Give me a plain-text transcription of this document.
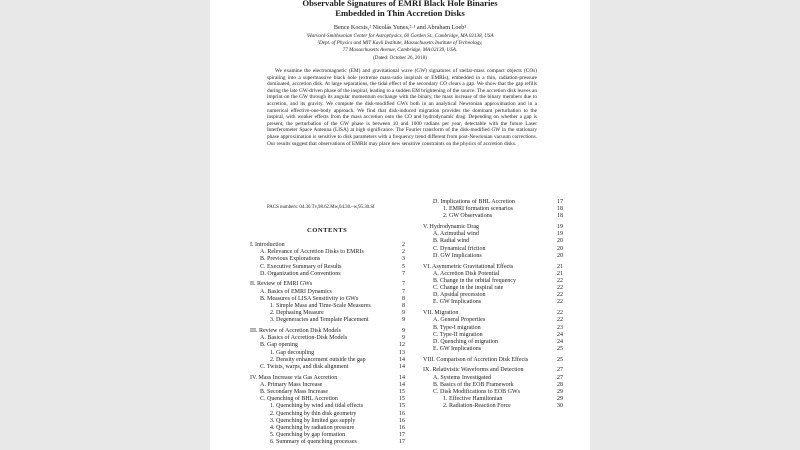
Observable Signatures of EMRI Black Hole Binaries
Embedded in Thin Accretion Disks
Bence Kocsis,¹ Nicolás Yunes,²·¹ and Abraham Loeb¹
¹Harvard-Smithsonian Center for Astrophysics, 60 Garden St., Cambridge, MA 02138, USA
²Dept. of Physics and MIT Kavli Institute, Massachusetts Institute of Technology,
77 Massachusetts Avenue, Cambridge, MA 02139, USA.
(Dated: October 26, 2018)
We examine the electromagnetic (EM) and gravitational wave (GW) signatures of stellar-mass compact objects (COs) spiraling into a supermassive black hole (extreme mass-ratio inspirals or EMRIs), embedded in a thin, radiation-pressure dominated, accretion disk. At large separations, the tidal effect of the secondary CO clears a gap. We show that the gap refills during the late GW-driven phase of the inspiral, leading to a sudden EM brightening of the source. The accretion disk leaves an imprint on the GW through its angular momentum exchange with the binary, the mass increase of the binary members due to accretion, and its gravity. We compute the disk-modified GWs both in an analytical Newtonian approximation and in a numerical effective-one-body approach. We find that disk-induced migration provides the dominant perturbation to the inspiral, with weaker effects from the mass accretion onto the CO and hydrodynamic drag. Depending on whether a gap is present, the perturbation of the GW phase is between 10 and 1000 radians per year, detectable with the future Laser Interferometer Space Antenna (LISA) at high significance. The Fourier transform of the disk-modified GW in the stationary phase approximation is sensitive to disk parameters with a frequency trend different from post-Newtonian vacuum corrections. Our results suggest that observations of EMRIs may place new sensitive constraints on the physics of accretion disks.
PACS numbers: 04.30.Tv,98.62.Mw,04.30.–w,95.30.Sf
CONTENTS
I. Introduction	2
A. Relevance of Accretion Disks to EMRIs	2
B. Previous Explorations	3
C. Executive Summary of Results	5
D. Organization and Conventions	7
II. Review of EMRI GWs	7
A. Basics of EMRI Dynamics	7
B. Measures of LISA Sensitivity to GWs	8
1. Simple Mass and Time-Scale Measures	8
2. Dephasing Measure	9
3. Degeneracies and Template Placement	9
III. Review of Accretion Disk Models	9
A. Basics of Accretion-Disk Models	9
B. Gap opening	12
1. Gap decoupling	13
2. Density enhancement outside the gap	14
C. Twists, warps, and disk alignment	14
IV. Mass Increase via Gas Accretion	14
A. Primary Mass Increase	14
B. Secondary Mass Increase	15
C. Quenching of BHL Accretion	15
1. Quenching by wind and tidal effects	15
2. Quenching by thin disk geometry	16
3. Quenching by limited gas supply	16
4. Quenching by radiation pressure	16
5. Quenching by gap formation	17
6. Summary of quenching processes	17
D. Implications of BHL Accretion	17
1. EMRI formation scenarios	18
2. GW Observations	18
V. Hydrodynamic Drag	19
A. Azimuthal wind	19
B. Radial wind	20
C. Dynamical friction	20
D. GW Implications	20
VI. Asymmetric Gravitational Effects	21
A. Accretion Disk Potential	21
B. Change in the orbital frequency	22
C. Change in the inspiral rate	22
D. Apsidal precession	22
E. GW Implications	22
VII. Migration	22
A. General Properties	22
B. Type-I migration	23
C. Type-II migration	24
D. Quenching of migration	24
E. GW Implications	25
VIII. Comparison of Accretion Disk Effects	25
IX. Relativistic Waveforms and Detection	27
A. Systems Investigated	27
B. Basics of the EOB Framework	28
C. Disk Modifications to EOB GWs	29
1. Effective Hamiltonian	29
2. Radiation-Reaction Force	30
